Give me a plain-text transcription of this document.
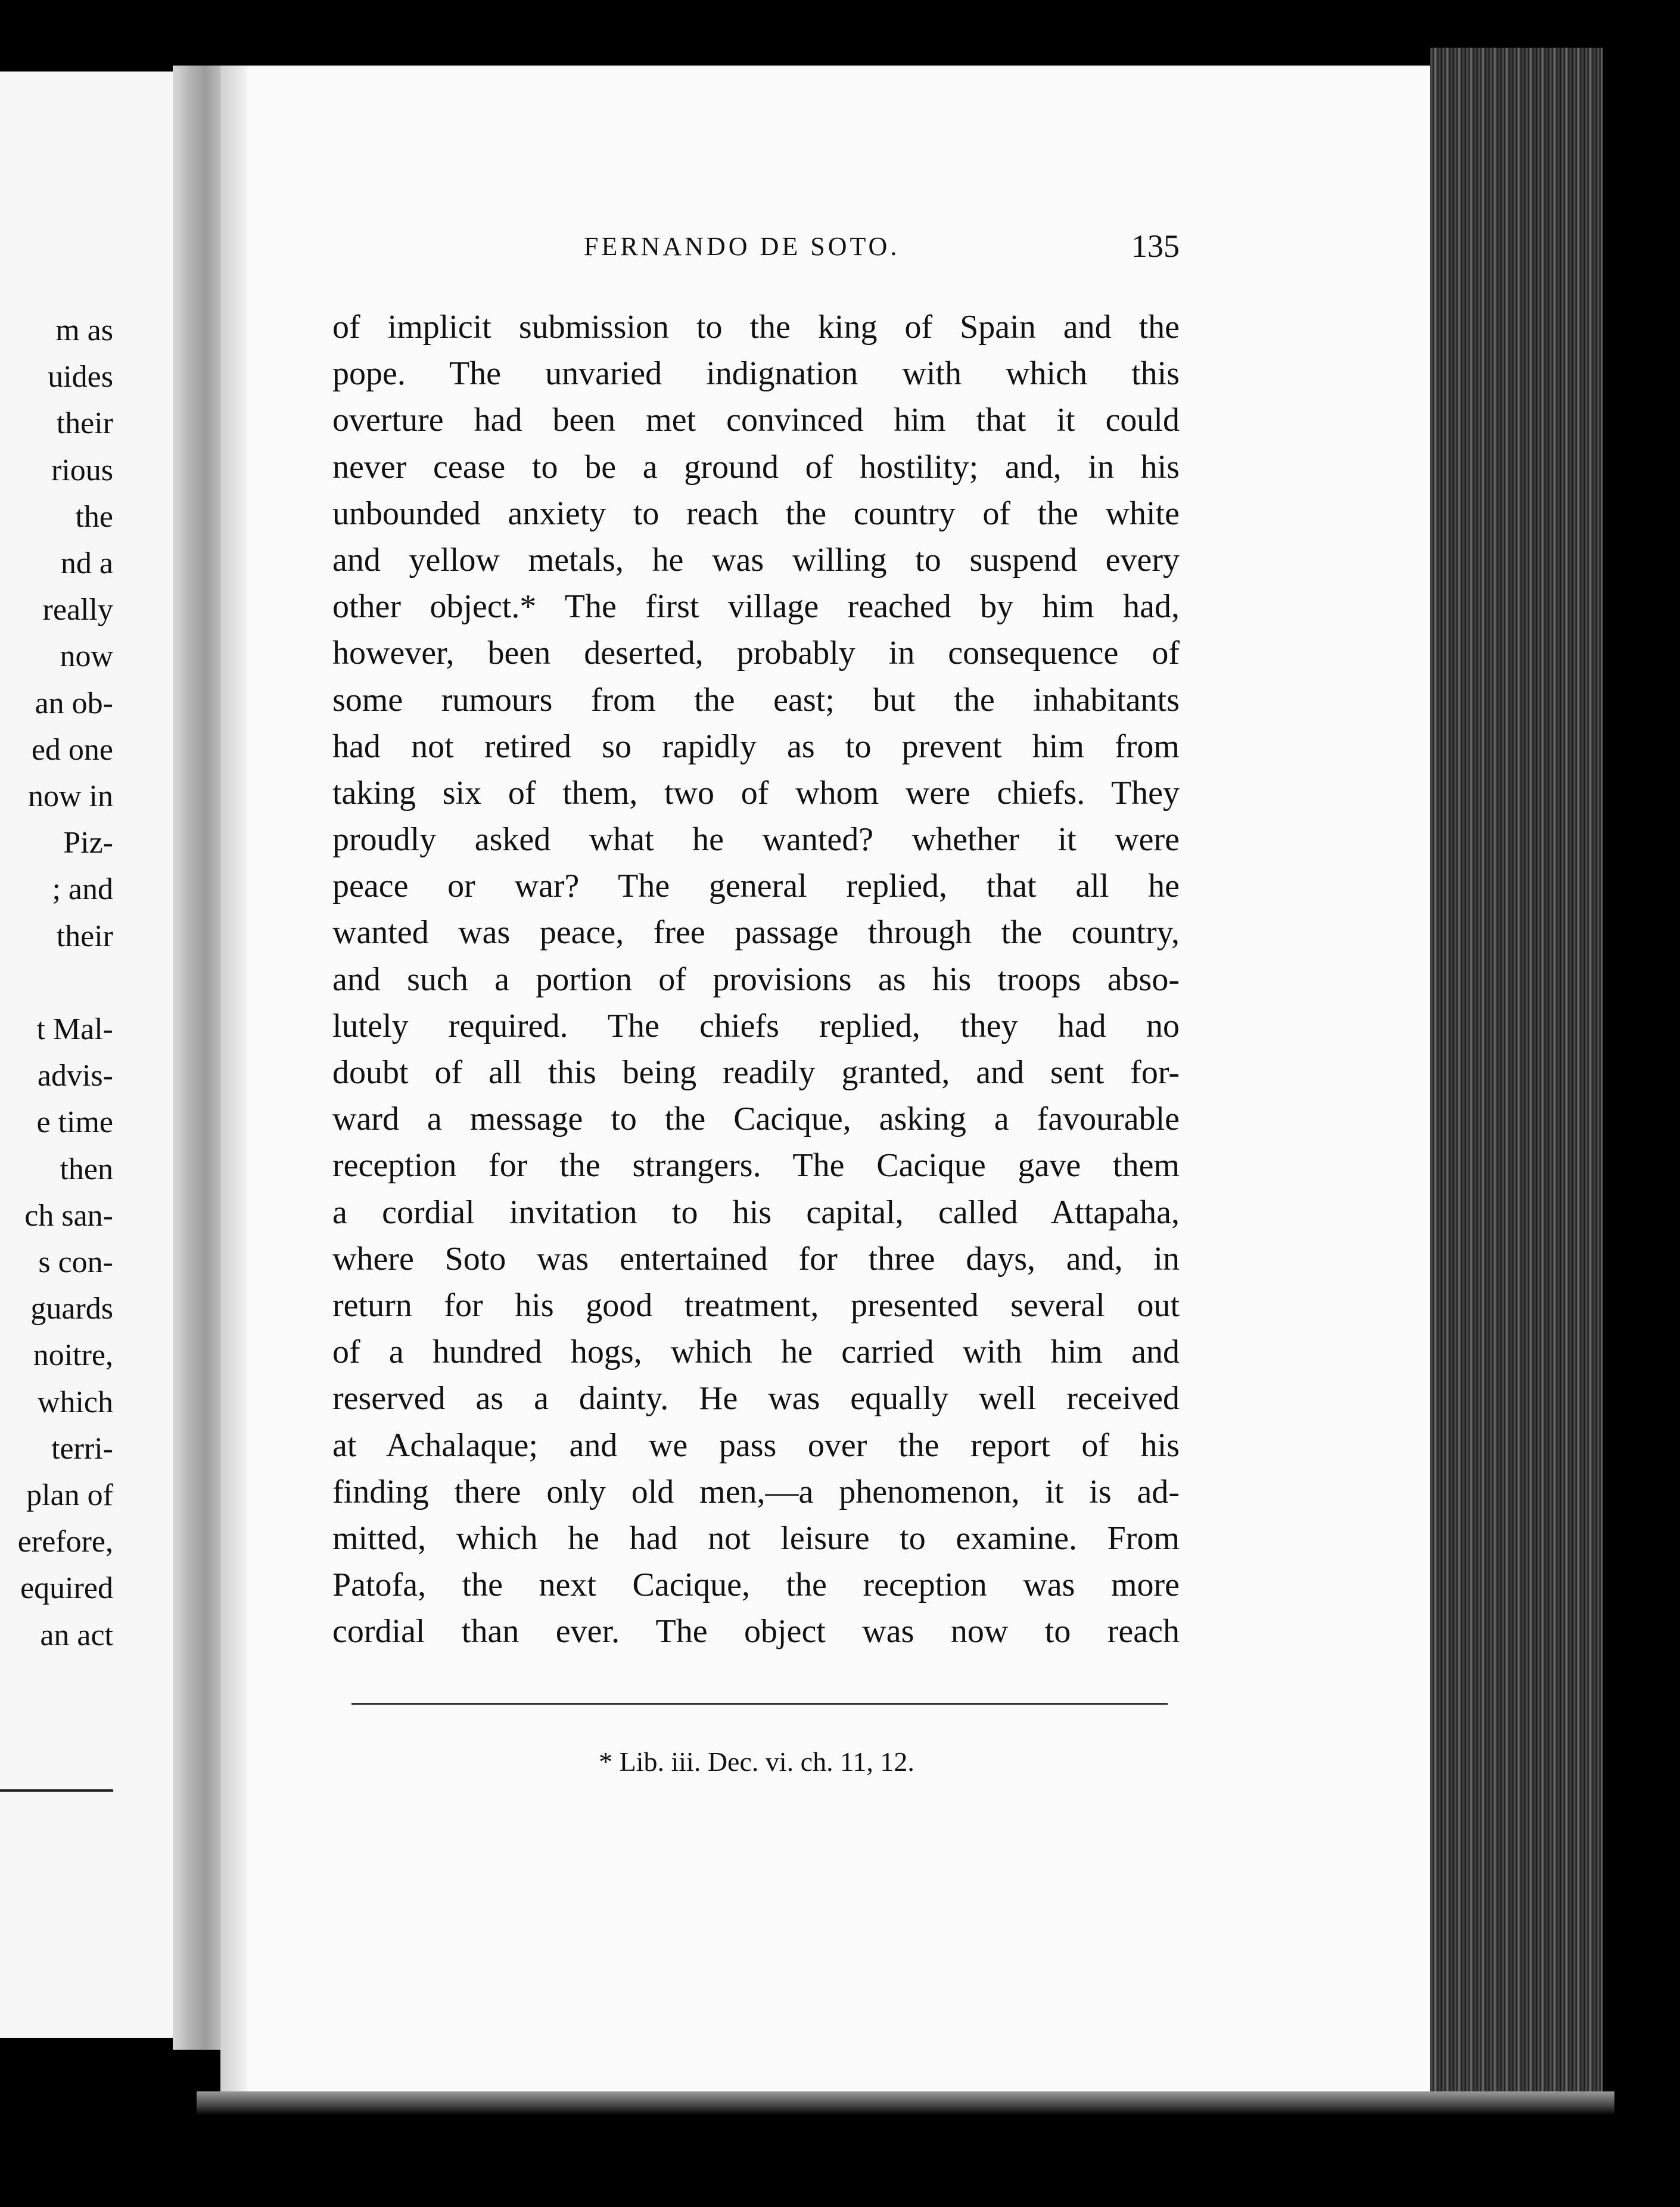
m as
uides
their
rious
the
nd a
really
now
an ob-
ed one
now in
Piz-
; and
their
t Mal-
advis-
e time
then
ch san-
s con-
guards
noitre,
which
terri-
plan of
erefore,
equired
an act
FERNANDO DE SOTO.	135
of implicit submission to the king of Spain and the
pope. The unvaried indignation with which this
overture had been met convinced him that it could
never cease to be a ground of hostility; and, in his
unbounded anxiety to reach the country of the white
and yellow metals, he was willing to suspend every
other object.* The first village reached by him had,
however, been deserted, probably in consequence of
some rumours from the east; but the inhabitants
had not retired so rapidly as to prevent him from
taking six of them, two of whom were chiefs. They
proudly asked what he wanted? whether it were
peace or war? The general replied, that all he
wanted was peace, free passage through the country,
and such a portion of provisions as his troops abso-
lutely required. The chiefs replied, they had no
doubt of all this being readily granted, and sent for-
ward a message to the Cacique, asking a favourable
reception for the strangers. The Cacique gave them
a cordial invitation to his capital, called Attapaha,
where Soto was entertained for three days, and, in
return for his good treatment, presented several out
of a hundred hogs, which he carried with him and
reserved as a dainty. He was equally well received
at Achalaque; and we pass over the report of his
finding there only old men,—a phenomenon, it is ad-
mitted, which he had not leisure to examine. From
Patofa, the next Cacique, the reception was more
cordial than ever. The object was now to reach
* Lib. iii. Dec. vi. ch. 11, 12.
